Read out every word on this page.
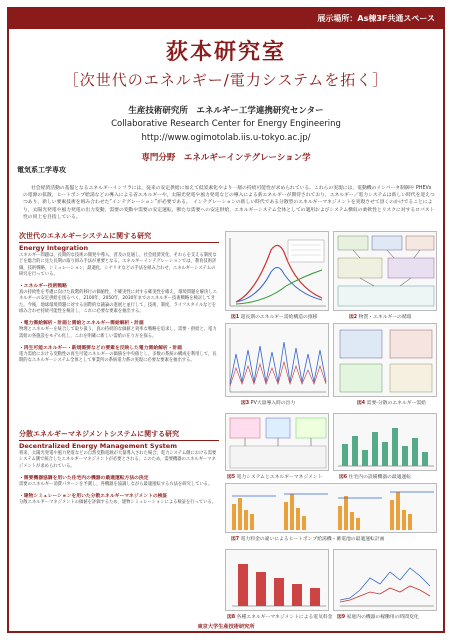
展示場所：As棟3F共通スペース
荻本研究室
［次世代のエネルギー/電力システムを拓く］
生産技術研究所　エネルギー工学連携研究センター
Collaborative Research Center for Energy Engineering
http://www.ogimotolab.iis.u-tokyo.ac.jp/
専門分野　エネルギーインテグレーション学
電気系工学専攻
社会経済活動の基盤となるエネルギーインフラには，従来の安定供給に加えて低炭素化やより一層の持続可能性が求められている。これらの実現には，電動機のインバータ制御や PHEVs の電源の拡散，ヒートポンプ給湯などの導入による省エネルギーや，太陽光発電や風力発電などの導入による新エネルギーが期待されており，エネルギー／電力システムは新しい時代を迎えつつあり，新しい要素技術を組み合わせた“インテグレーション”が必要である。　インテグレーションの新しい時代である分散型のエネルギーマネジメントを実現させて頂くのかけでることにより，太陽光発電や風力発電の出力変動，需要の変動や需要の安定運転，断たな需要への安定供給，エネルギーシステム全体としての適用およびシステム横収の柔軟性とリスクに対するロバスト性の同上を目指している。
次世代のエネルギーシステムに関する研究
Energy Integration
エネルギー問題は，長期的な技術の開発や導入，普及の見通し，社会経済変化，それらを支える制度などを総合的に見た長期の取り組み手法が重要となる。エネルギーインテグレーションでは，教育技術評価，技術戦略，シミュレーション，最適化，シナリオなどの手法を組み合わせ，エネルギーシステムの研究を行っている。
・エネルギー技術戦略
真の持続性を考慮に向けた段階的移行の価値性，不確実性に対する確実性を確え，環境問題を解決しエネルギーの安定供給を図るべく，2100年，2050年，2030年までのエネルギー技術戦略を検討してきた。今後，地球環境問題に対する国際的な議論の進展と並行して，技術，制度，ライフスタイルなどを組み合わせ持続可能性を検討し，これに必要な要素を抽出する。
・電力需給解析・計画と需給とエネルギー需給解析・計画
物理とエネルギーを統合して取り扱う，真の持続的な価値と効率な戦略を追求し，需要・供給と，電力需給の各施設をモデル化し，これを明確に新しい需給の在り方を探る。
・再生可能エネルギー・新規需要などの要素を反映した電力需給解析・計画
電力需給における変動性の再生可能エネルギーの価値を中央値とし，多数の系統の構成を利用して，長期的なエネルギーシステム全体として事業所の系統電力系の実現に必要な要素を抽出する。
分散エネルギーマネジメントシステムに関する研究
Decentralized Energy Management System
将来，太陽光発電や風力発電などの自然変動電源が大量導入された場合，電力システム側における需要システム側で統合したエネルギーマネジメントが必要とされる。このため，需要機器のエネルギーマネジメントが求められている。
・需要機器協調を用いた住宅内の機器の最適運転方法の決定
需要のエネルギー消費パターンを予測し，各機器を協調しながら最適運転する方法を研究している。
・建物シミュレーションを用いた分散エネルギーマネジメントの検証
分散エネルギーマネジメントの価値を評価するため，建物シミュレーションによる検証を行っている。
図1 超長期のエネルギー需給構造の推移	図2 物質・エネルギーの循環
図3 PV大量導入時の出力	図4 需要-分散のエネルギー需給
図5 電力システムとエネルギーマネジメント	図6 住宅内の設備機器の最適運転
図7 電力料金の違いによるヒートポンプ給湯機・蓄電池の最適運転計画
図8 各種エネルギーマネジメントによる電気料金 図9 家庭内の機器の稼働用の時間変化
東京大学生産技術研究所
